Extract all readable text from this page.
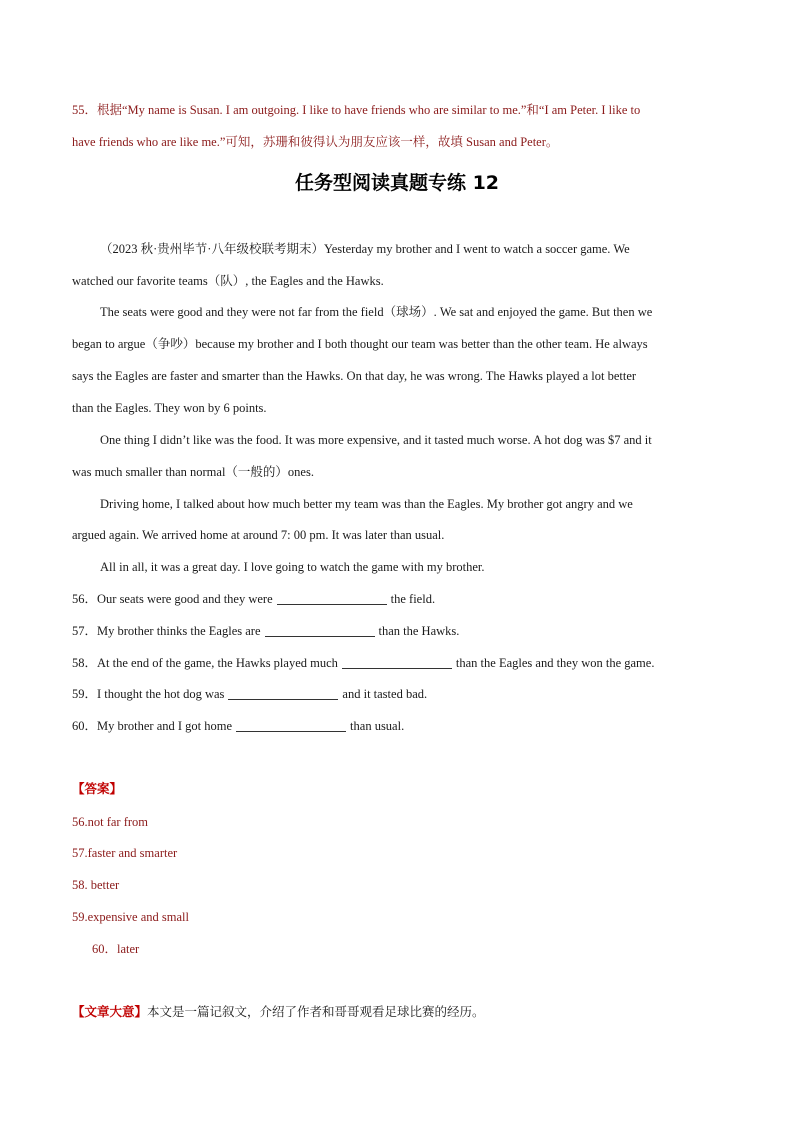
55．根据“My name is Susan. I am outgoing. I like to have friends who are similar to me.”和“I am Peter. I like to
have friends who are like me.”可知，苏珊和彼得认为朋友应该一样，故填 Susan and Peter。
任务型阅读真题专练 12
（2023 秋·贵州毕节·八年级校联考期末）Yesterday my brother and I went to watch a soccer game. We
watched our favorite teams（队）, the Eagles and the Hawks.
The seats were good and they were not far from the field（球场）. We sat and enjoyed the game. But then we
began to argue（争吵）because my brother and I both thought our team was better than the other team. He always
says the Eagles are faster and smarter than the Hawks. On that day, he was wrong. The Hawks played a lot better
than the Eagles. They won by 6 points.
One thing I didn’t like was the food. It was more expensive, and it tasted much worse. A hot dog was $7 and it
was much smaller than normal（一般的）ones.
Driving home, I talked about how much better my team was than the Eagles. My brother got angry and we
argued again. We arrived home at around 7: 00 pm. It was later than usual.
All in all, it was a great day. I love going to watch the game with my brother.
56．Our seats were good and they were	the field.
57．My brother thinks the Eagles are	than the Hawks.
58．At the end of the game, the Hawks played much	than the Eagles and they won the game.
59．I thought the hot dog was	and it tasted bad.
60．My brother and I got home	than usual.
【答案】
56.not far from
57.faster and smarter
58. better
59.expensive and small
60．later
【文章大意】本文是一篇记叙文，介绍了作者和哥哥观看足球比赛的经历。
